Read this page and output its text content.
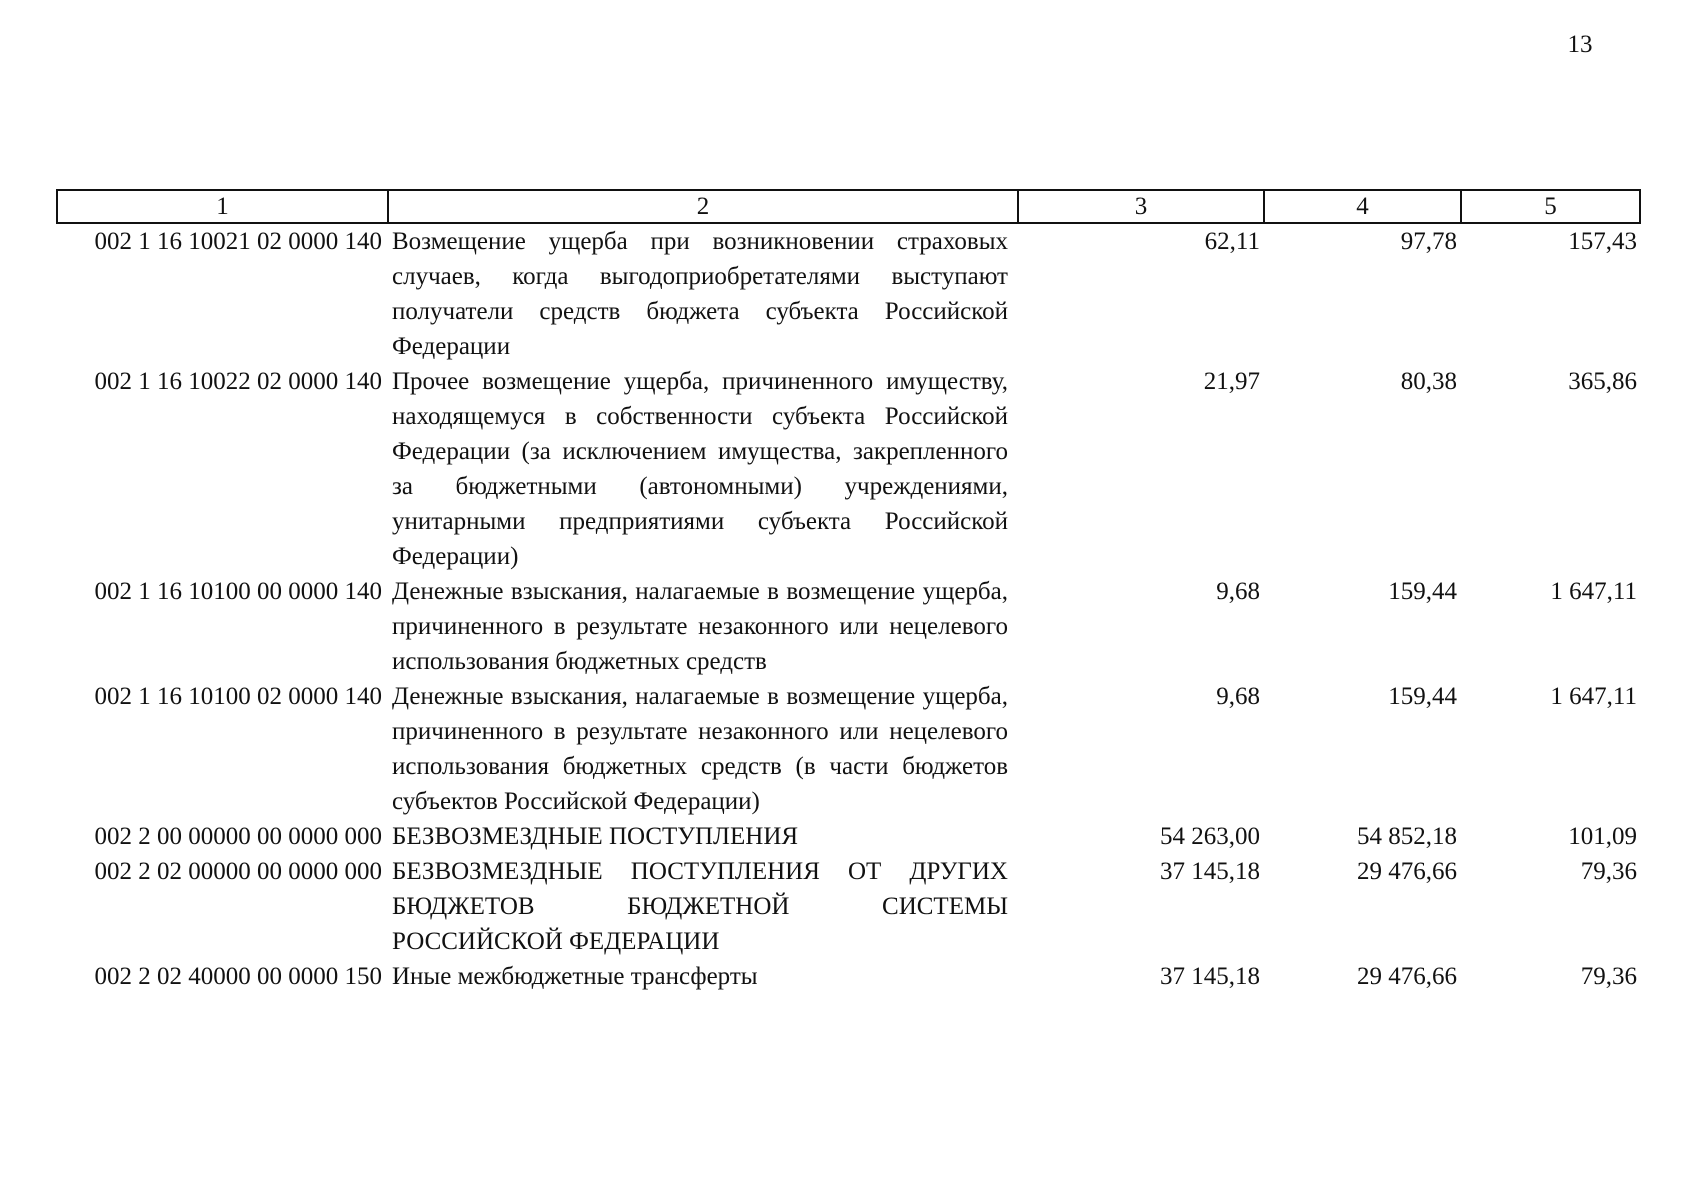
13
1	2	3	4	5
002 1 16 10021 02 0000 140	Возмещение ущерба при возникновении страховых случаев, когда выгодоприобретателями выступают получатели средств бюджета субъекта Российской Федерации	62,11	97,78	157,43
002 1 16 10022 02 0000 140	Прочее возмещение ущерба, причиненного имуществу, находящемуся в собственности субъекта Российской Федерации (за исключением имущества, закрепленного за бюджетными (автономными) учреждениями, унитарными предприятиями субъекта Российской Федерации)	21,97	80,38	365,86
002 1 16 10100 00 0000 140	Денежные взыскания, налагаемые в возмещение ущерба, причиненного в результате незаконного или нецелевого использования бюджетных средств	9,68	159,44	1 647,11
002 1 16 10100 02 0000 140	Денежные взыскания, налагаемые в возмещение ущерба, причиненного в результате незаконного или нецелевого использования бюджетных средств (в части бюджетов субъектов Российской Федерации)	9,68	159,44	1 647,11
002 2 00 00000 00 0000 000	БЕЗВОЗМЕЗДНЫЕ ПОСТУПЛЕНИЯ	54 263,00	54 852,18	101,09
002 2 02 00000 00 0000 000	БЕЗВОЗМЕЗДНЫЕ ПОСТУПЛЕНИЯ ОТ ДРУГИХ БЮДЖЕТОВ БЮДЖЕТНОЙ СИСТЕМЫ РОССИЙСКОЙ ФЕДЕРАЦИИ	37 145,18	29 476,66	79,36
002 2 02 40000 00 0000 150	Иные межбюджетные трансферты	37 145,18	29 476,66	79,36
